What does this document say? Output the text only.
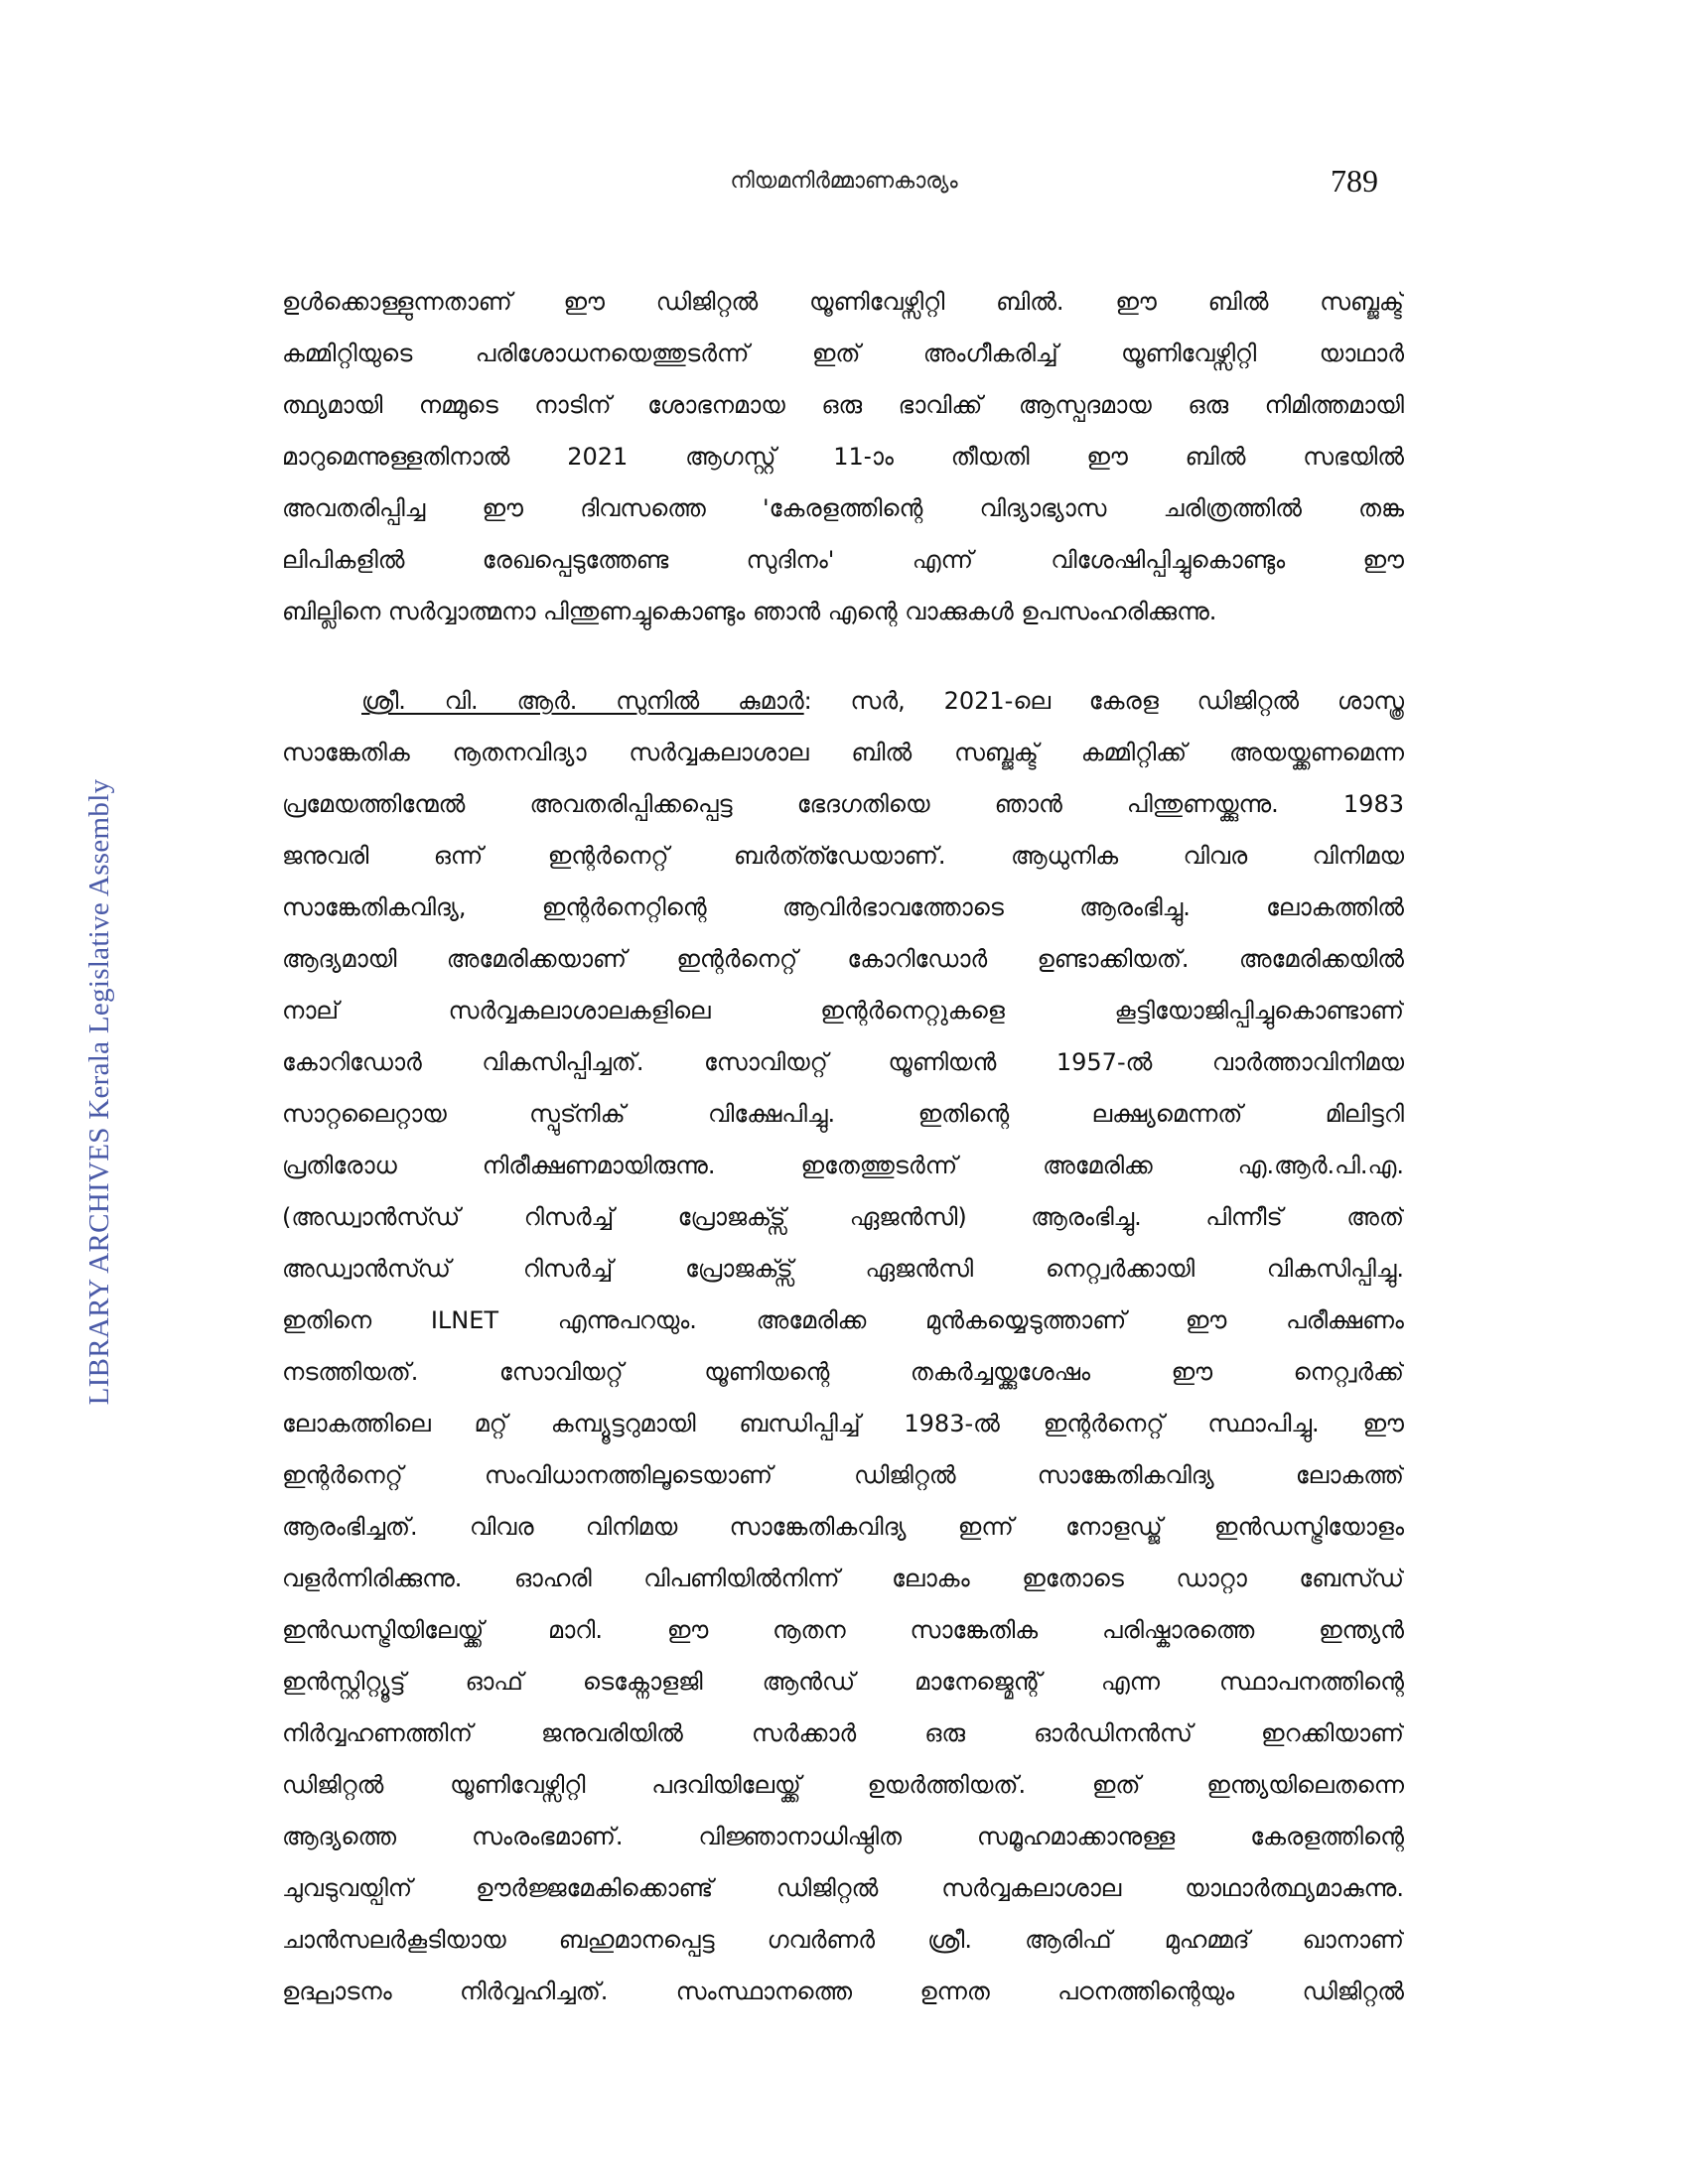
നിയമനിർമ്മാണകാര്യം	789
LIBRARY ARCHIVES Kerala Legislative Assembly
ഉൾക്കൊള്ളുന്നതാണ് ഈ ഡിജിറ്റൽ യൂണിവേഴ്സിറ്റി ബിൽ. ഈ ബിൽ സബ്ജക്ട്
കമ്മിറ്റിയുടെ പരിശോധനയെത്തുടർന്ന് ഇത് അംഗീകരിച്ച് യൂണിവേഴ്സിറ്റി യാഥാർ
ത്ഥ്യമായി നമ്മുടെ നാടിന് ശോഭനമായ ഒരു ഭാവിക്ക് ആസ്പദമായ ഒരു നിമിത്തമായി
മാറുമെന്നുള്ളതിനാൽ 2021 ആഗസ്റ്റ് 11-ാം തീയതി ഈ ബിൽ സഭയിൽ
അവതരിപ്പിച്ച ഈ ദിവസത്തെ 'കേരളത്തിന്റെ വിദ്യാഭ്യാസ ചരിത്രത്തിൽ തങ്ക
ലിപികളിൽ രേഖപ്പെടുത്തേണ്ട സുദിനം' എന്ന് വിശേഷിപ്പിച്ചുകൊണ്ടും ഈ
ബില്ലിനെ സർവ്വാത്മനാ പിന്തുണച്ചുകൊണ്ടും ഞാൻ എന്റെ വാക്കുകൾ ഉപസംഹരിക്കുന്നു.
ശ്രീ. വി. ആർ. സുനിൽ കുമാർ: സർ, 2021-ലെ കേരള ഡിജിറ്റൽ ശാസ്ത്ര
സാങ്കേതിക നൂതനവിദ്യാ സർവ്വകലാശാല ബിൽ സബ്ജക്ട് കമ്മിറ്റിക്ക് അയയ്ക്കണമെന്ന
പ്രമേയത്തിന്മേൽ അവതരിപ്പിക്കപ്പെട്ട ഭേദഗതിയെ ഞാൻ പിന്തുണയ്ക്കുന്നു. 1983
ജനുവരി ഒന്ന് ഇന്റർനെറ്റ് ബർത്ത്ഡേയാണ്. ആധുനിക വിവര വിനിമയ
സാങ്കേതികവിദ്യ, ഇന്റർനെറ്റിന്റെ ആവിർഭാവത്തോടെ ആരംഭിച്ചു. ലോകത്തിൽ
ആദ്യമായി അമേരിക്കയാണ് ഇന്റർനെറ്റ് കോറിഡോർ ഉണ്ടാക്കിയത്. അമേരിക്കയിൽ
നാല് സർവ്വകലാശാലകളിലെ ഇന്റർനെറ്റുകളെ കൂട്ടിയോജിപ്പിച്ചുകൊണ്ടാണ്
കോറിഡോർ വികസിപ്പിച്ചത്. സോവിയറ്റ് യൂണിയൻ 1957-ൽ വാർത്താവിനിമയ
സാറ്റലൈറ്റായ സ്പുട്നിക് വിക്ഷേപിച്ചു. ഇതിന്റെ ലക്ഷ്യമെന്നത് മിലിട്ടറി
പ്രതിരോധ നിരീക്ഷണമായിരുന്നു. ഇതേത്തുടർന്ന് അമേരിക്ക എ.ആർ.പി.എ.
(അഡ്വാൻസ്ഡ് റിസർച്ച് പ്രോജക്ട്സ് ഏജൻസി) ആരംഭിച്ചു. പിന്നീട് അത്
അഡ്വാൻസ്ഡ് റിസർച്ച് പ്രോജക്ട്സ് ഏജൻസി നെറ്റ്വർക്കായി വികസിപ്പിച്ചു.
ഇതിനെ ILNET എന്നുപറയും. അമേരിക്ക മുൻകയ്യെടുത്താണ് ഈ പരീക്ഷണം
നടത്തിയത്. സോവിയറ്റ് യൂണിയന്റെ തകർച്ചയ്ക്കുശേഷം ഈ നെറ്റ്വർക്ക്
ലോകത്തിലെ മറ്റ് കമ്പ്യൂട്ടറുമായി ബന്ധിപ്പിച്ച് 1983-ൽ ഇന്റർനെറ്റ് സ്ഥാപിച്ചു. ഈ
ഇന്റർനെറ്റ് സംവിധാനത്തിലൂടെയാണ് ഡിജിറ്റൽ സാങ്കേതികവിദ്യ ലോകത്ത്
ആരംഭിച്ചത്. വിവര വിനിമയ സാങ്കേതികവിദ്യ ഇന്ന് നോളഡ്ജ് ഇൻഡസ്ട്രിയോളം
വളർന്നിരിക്കുന്നു. ഓഹരി വിപണിയിൽനിന്ന് ലോകം ഇതോടെ ഡാറ്റാ ബേസ്ഡ്
ഇൻഡസ്ട്രിയിലേയ്ക്ക് മാറി. ഈ നൂതന സാങ്കേതിക പരിഷ്കാരത്തെ ഇന്ത്യൻ
ഇൻസ്റ്റിറ്റ്യൂട്ട് ഓഫ് ടെക്നോളജി ആൻഡ് മാനേജ്മെന്റ് എന്ന സ്ഥാപനത്തിന്റെ
നിർവ്വഹണത്തിന് ജനുവരിയിൽ സർക്കാർ ഒരു ഓർഡിനൻസ് ഇറക്കിയാണ്
ഡിജിറ്റൽ യൂണിവേഴ്സിറ്റി പദവിയിലേയ്ക്ക് ഉയർത്തിയത്. ഇത് ഇന്ത്യയിലെതന്നെ
ആദ്യത്തെ സംരംഭമാണ്. വിജ്ഞാനാധിഷ്ഠിത സമൂഹമാക്കാനുള്ള കേരളത്തിന്റെ
ചുവടുവയ്പിന് ഊർജ്ജമേകിക്കൊണ്ട് ഡിജിറ്റൽ സർവ്വകലാശാല യാഥാർത്ഥ്യമാകുന്നു.
ചാൻസലർകൂടിയായ ബഹുമാനപ്പെട്ട ഗവർണർ ശ്രീ. ആരിഫ് മുഹമ്മദ് ഖാനാണ്
ഉദ്ഘാടനം നിർവ്വഹിച്ചത്. സംസ്ഥാനത്തെ ഉന്നത പഠനത്തിന്റെയും ഡിജിറ്റൽ
